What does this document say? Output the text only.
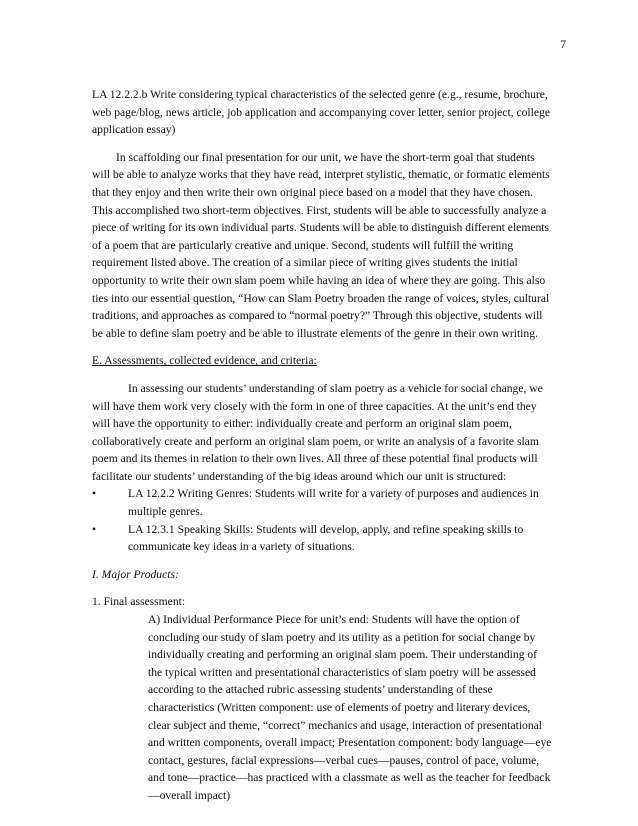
7

LA 12.2.2.b Write considering typical characteristics of the selected genre (e.g., resume, brochure, web page/blog, news article, job application and accompanying cover letter, senior project, college application essay)

In scaffolding our final presentation for our unit, we have the short-term goal that students will be able to analyze works that they have read, interpret stylistic, thematic, or formatic elements that they enjoy and then write their own original piece based on a model that they have chosen. This accomplished two short-term objectives. First, students will be able to successfully analyze a piece of writing for its own individual parts. Students will be able to distinguish different elements of a poem that are particularly creative and unique. Second, students will fulfill the writing requirement listed above. The creation of a similar piece of writing gives students the initial opportunity to write their own slam poem while having an idea of where they are going. This also ties into our essential question, “How can Slam Poetry broaden the range of voices, styles, cultural traditions, and approaches as compared to “normal poetry?” Through this objective, students will be able to define slam poetry and be able to illustrate elements of the genre in their own writing.

E. Assessments, collected evidence, and criteria:

In assessing our students’ understanding of slam poetry as a vehicle for social change, we will have them work very closely with the form in one of three capacities. At the unit’s end they will have the opportunity to either: individually create and perform an original slam poem, collaboratively create and perform an original slam poem, or write an analysis of a favorite slam poem and its themes in relation to their own lives. All three of these potential final products will facilitate our students’ understanding of the big ideas around which our unit is structured:

•	LA 12.2.2 Writing Genres: Students will write for a variety of purposes and audiences in multiple genres.
•	LA 12.3.1 Speaking Skills: Students will develop, apply, and refine speaking skills to communicate key ideas in a variety of situations.

I. Major Products:

1. Final assessment:

A) Individual Performance Piece for unit’s end: Students will have the option of concluding our study of slam poetry and its utility as a petition for social change by individually creating and performing an original slam poem. Their understanding of the typical written and presentational characteristics of slam poetry will be assessed according to the attached rubric assessing students’ understanding of these characteristics (Written component: use of elements of poetry and literary devices, clear subject and theme, “correct” mechanics and usage, interaction of presentational and written components, overall impact; Presentation component: body language—eye contact, gestures, facial expressions—verbal cues—pauses, control of pace, volume, and tone—practice—has practiced with a classmate as well as the teacher for feedback—overall impact)
